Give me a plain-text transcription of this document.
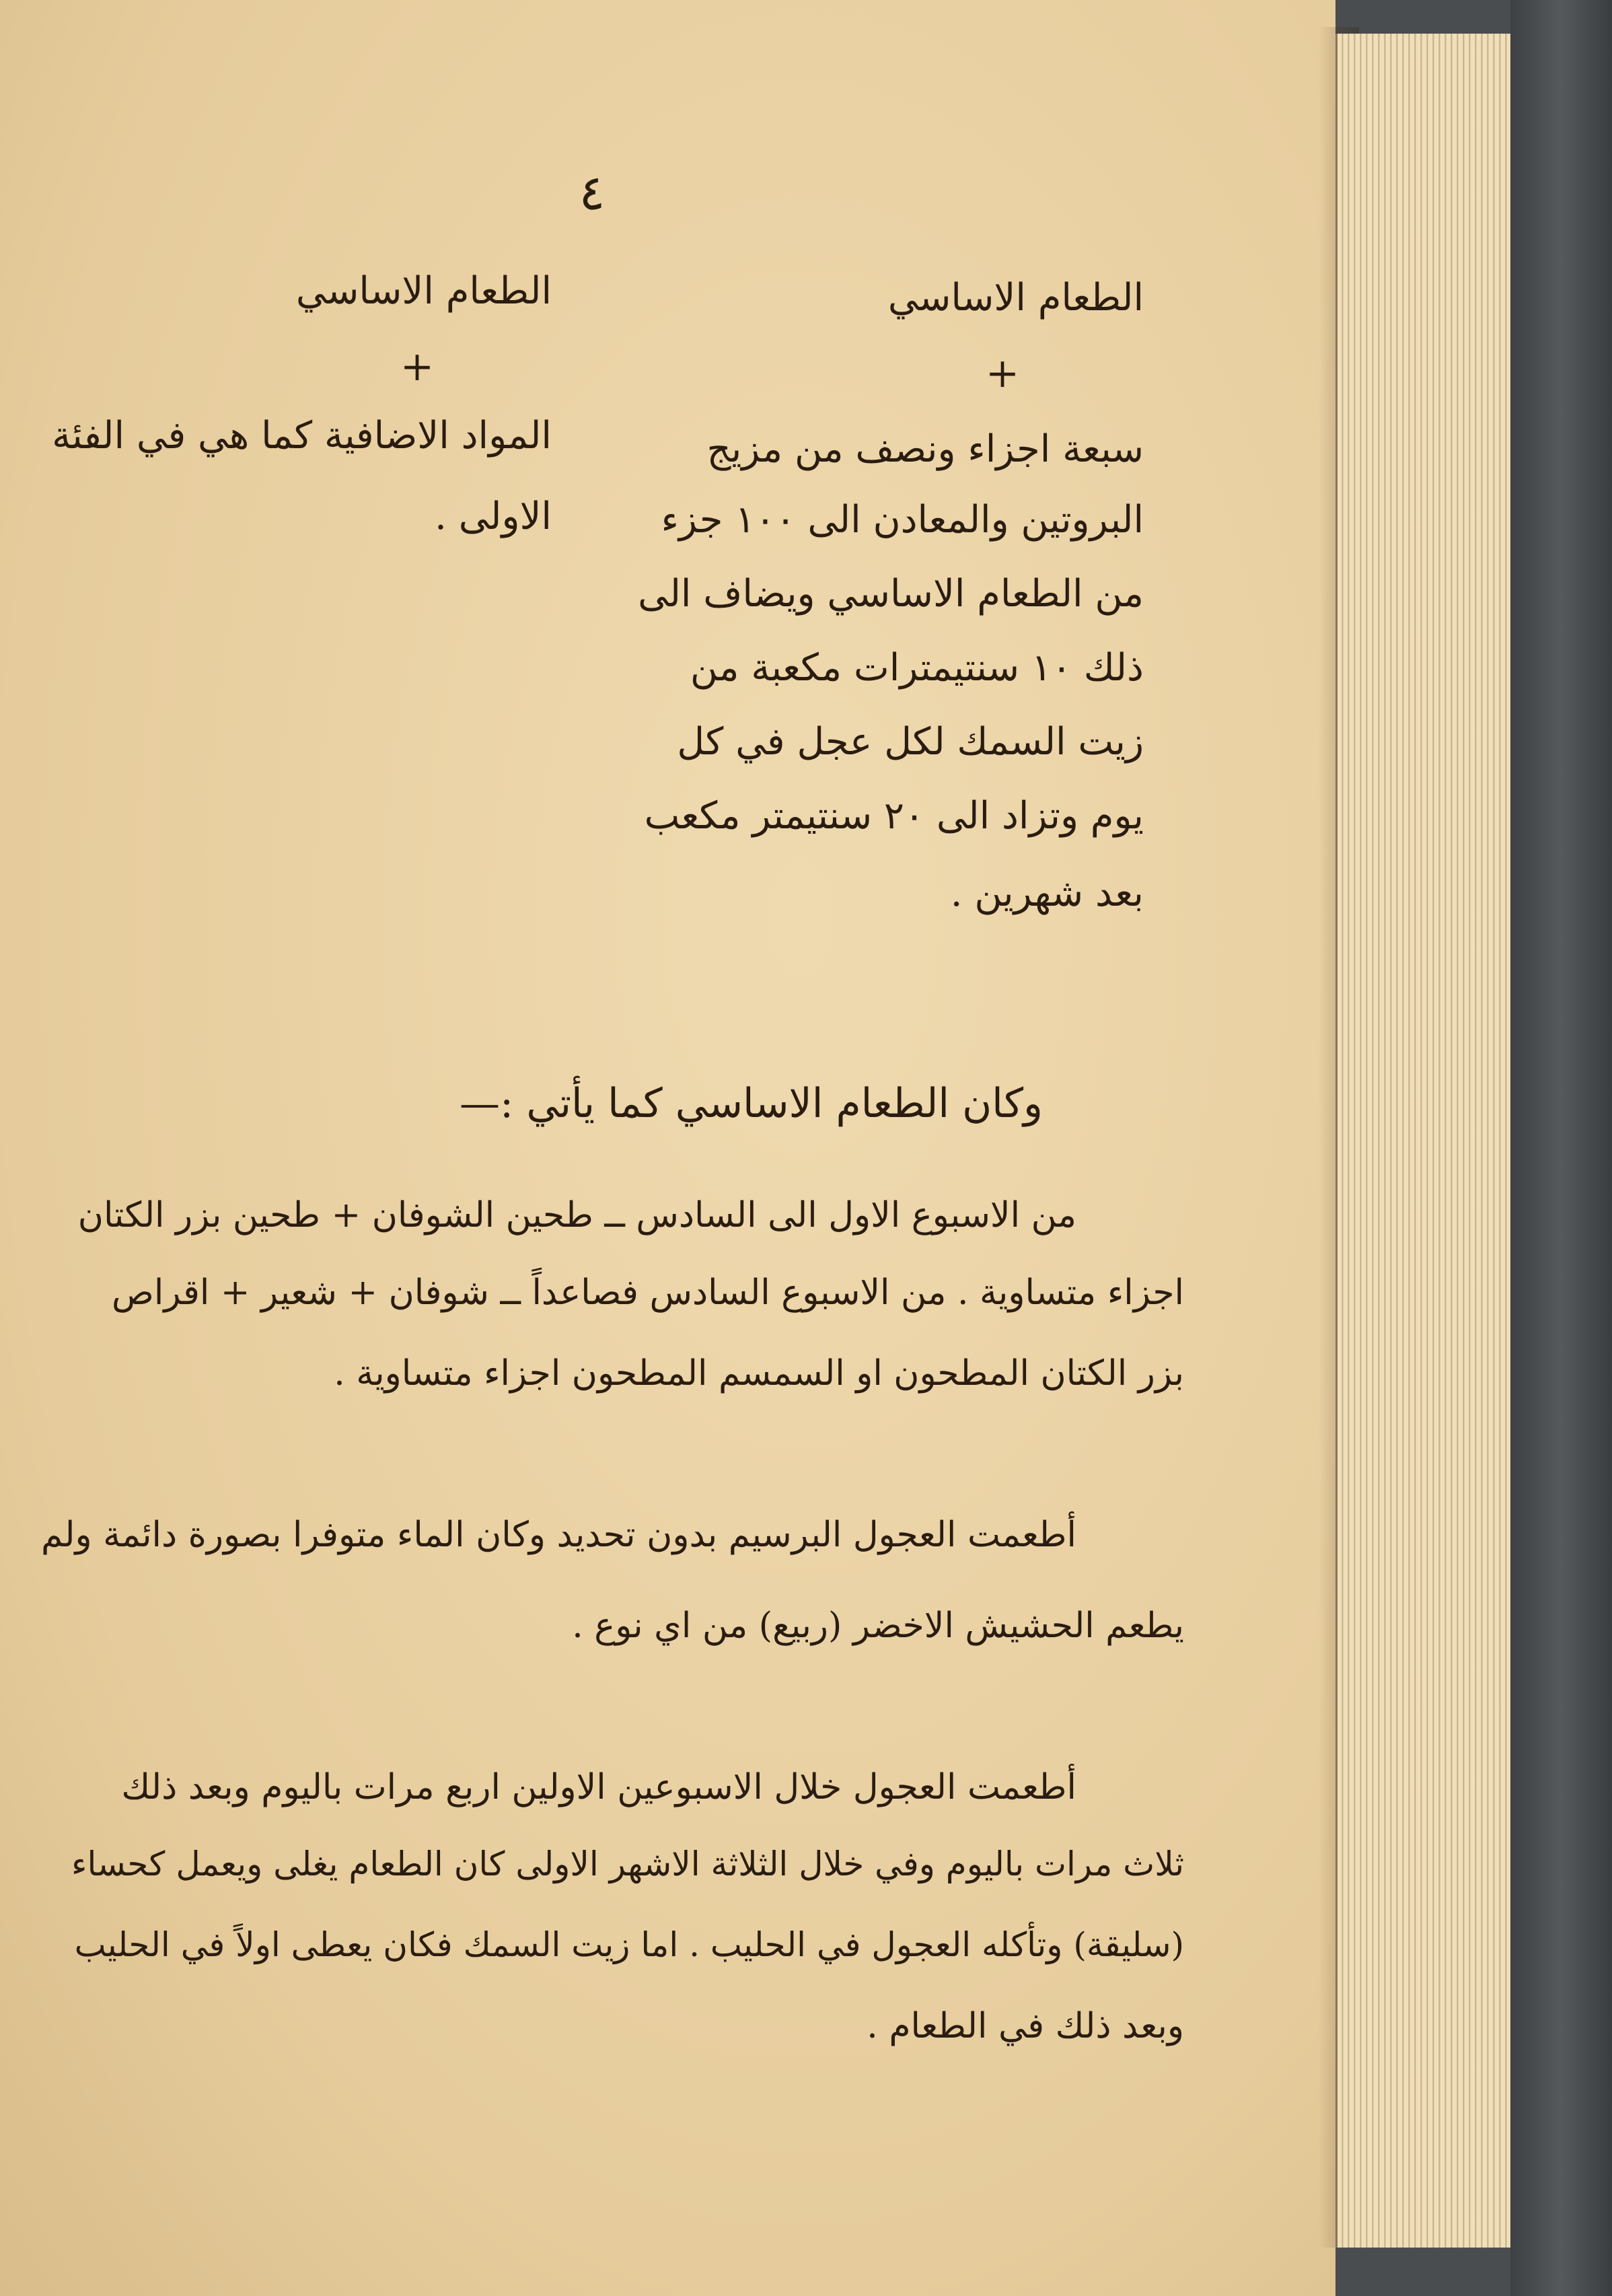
٤
الطعام الاساسي
+
سبعة اجزاء ونصف من مزيج
البروتين والمعادن الى ١٠٠ جزء
من الطعام الاساسي ويضاف الى
ذلك ١٠ سنتيمترات مكعبة من
زيت السمك لكل عجل في كل
يوم وتزاد الى ٢٠ سنتيمتر مكعب
بعد شهرين .
الطعام الاساسي
+
المواد الاضافية كما هي في الفئة
الاولى .
وكان الطعام الاساسي كما يأتي :—
من الاسبوع الاول الى السادس ــ طحين الشوفان + طحين بزر الكتان
اجزاء متساوية . من الاسبوع السادس فصاعداً ــ شوفان + شعير + اقراص
بزر الكتان المطحون او السمسم المطحون اجزاء متساوية .
أطعمت العجول البرسيم بدون تحديد وكان الماء متوفرا بصورة دائمة ولم
يطعم الحشيش الاخضر (ربيع) من اي نوع .
أطعمت العجول خلال الاسبوعين الاولين اربع مرات باليوم وبعد ذلك
ثلاث مرات باليوم وفي خلال الثلاثة الاشهر الاولى كان الطعام يغلى ويعمل كحساء
(سليقة) وتأكله العجول في الحليب . اما زيت السمك فكان يعطى اولاً في الحليب
وبعد ذلك في الطعام .
